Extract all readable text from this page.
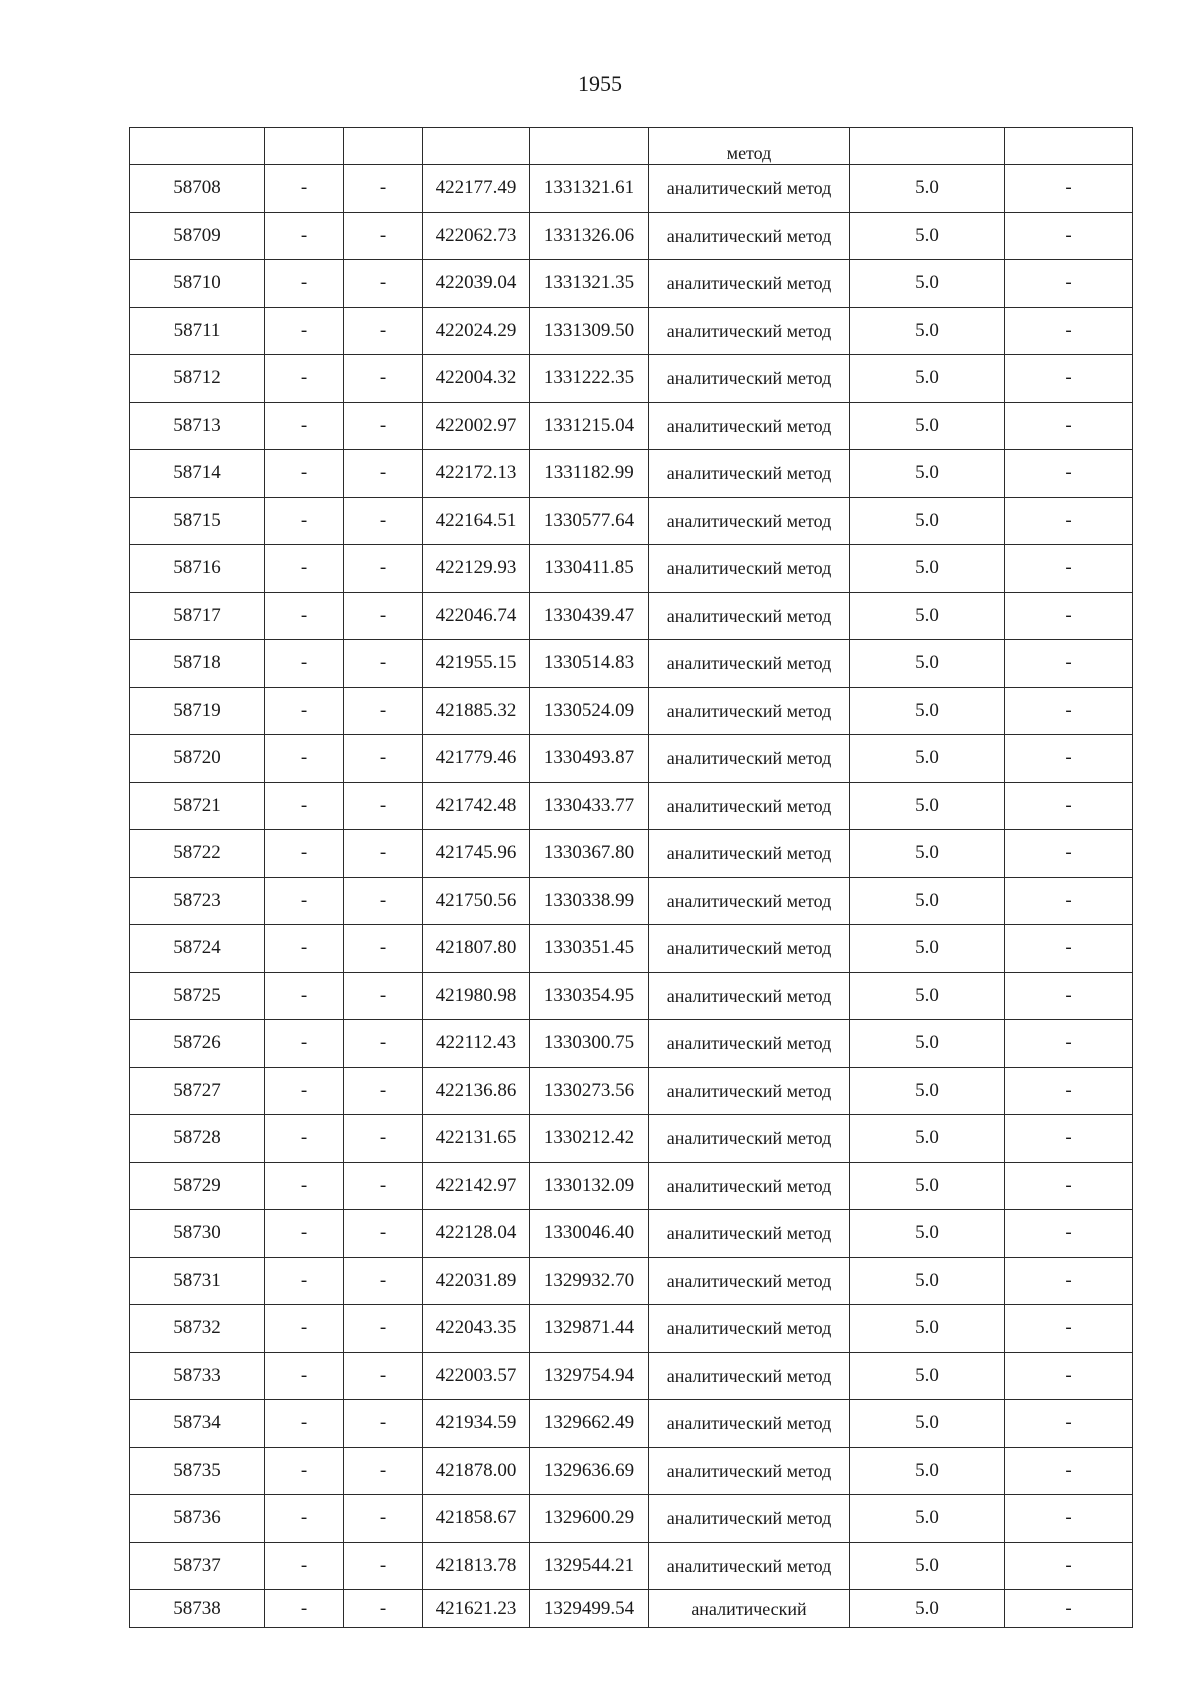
1955
					метод		
58708	-	-	422177.49	1331321.61	аналитический метод	5.0	-
58709	-	-	422062.73	1331326.06	аналитический метод	5.0	-
58710	-	-	422039.04	1331321.35	аналитический метод	5.0	-
58711	-	-	422024.29	1331309.50	аналитический метод	5.0	-
58712	-	-	422004.32	1331222.35	аналитический метод	5.0	-
58713	-	-	422002.97	1331215.04	аналитический метод	5.0	-
58714	-	-	422172.13	1331182.99	аналитический метод	5.0	-
58715	-	-	422164.51	1330577.64	аналитический метод	5.0	-
58716	-	-	422129.93	1330411.85	аналитический метод	5.0	-
58717	-	-	422046.74	1330439.47	аналитический метод	5.0	-
58718	-	-	421955.15	1330514.83	аналитический метод	5.0	-
58719	-	-	421885.32	1330524.09	аналитический метод	5.0	-
58720	-	-	421779.46	1330493.87	аналитический метод	5.0	-
58721	-	-	421742.48	1330433.77	аналитический метод	5.0	-
58722	-	-	421745.96	1330367.80	аналитический метод	5.0	-
58723	-	-	421750.56	1330338.99	аналитический метод	5.0	-
58724	-	-	421807.80	1330351.45	аналитический метод	5.0	-
58725	-	-	421980.98	1330354.95	аналитический метод	5.0	-
58726	-	-	422112.43	1330300.75	аналитический метод	5.0	-
58727	-	-	422136.86	1330273.56	аналитический метод	5.0	-
58728	-	-	422131.65	1330212.42	аналитический метод	5.0	-
58729	-	-	422142.97	1330132.09	аналитический метод	5.0	-
58730	-	-	422128.04	1330046.40	аналитический метод	5.0	-
58731	-	-	422031.89	1329932.70	аналитический метод	5.0	-
58732	-	-	422043.35	1329871.44	аналитический метод	5.0	-
58733	-	-	422003.57	1329754.94	аналитический метод	5.0	-
58734	-	-	421934.59	1329662.49	аналитический метод	5.0	-
58735	-	-	421878.00	1329636.69	аналитический метод	5.0	-
58736	-	-	421858.67	1329600.29	аналитический метод	5.0	-
58737	-	-	421813.78	1329544.21	аналитический метод	5.0	-
58738	-	-	421621.23	1329499.54	аналитический	5.0	-
